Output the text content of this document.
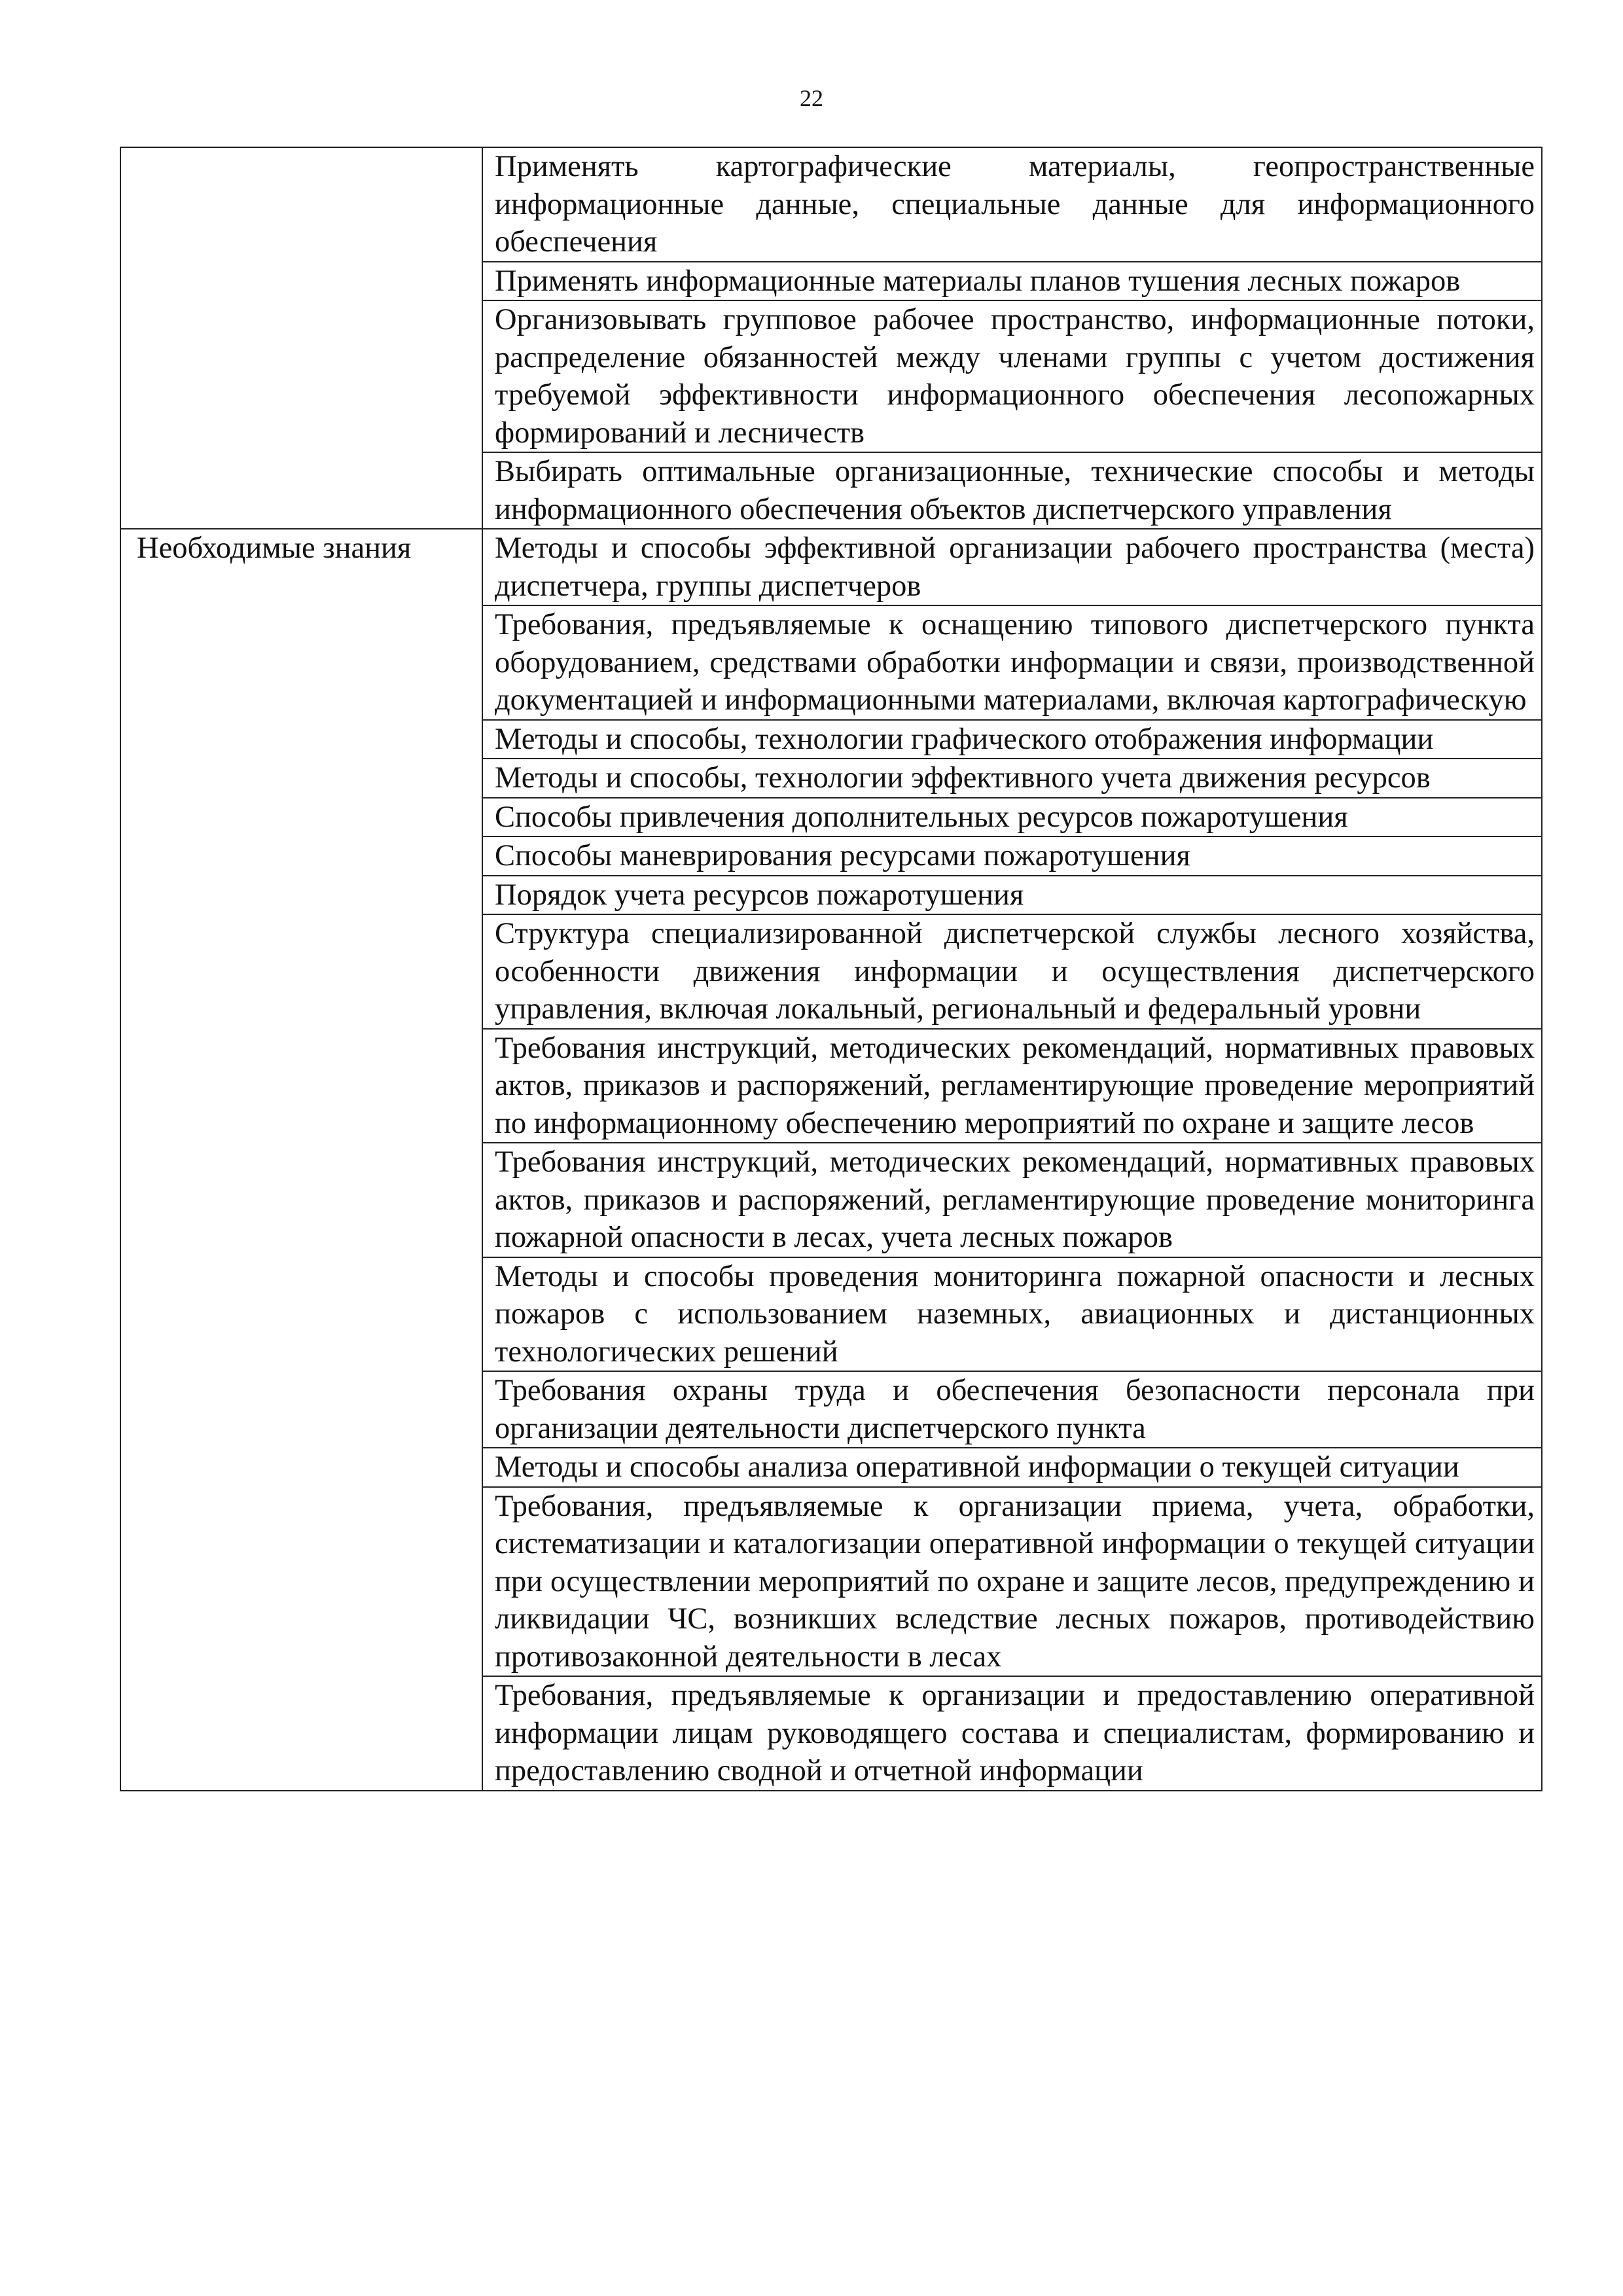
22
	Применять картографические материалы, геопространственные информационные данные, специальные данные для информационного обеспечения
	Применять информационные материалы планов тушения лесных пожаров
	Организовывать групповое рабочее пространство, информационные потоки, распределение обязанностей между членами группы с учетом достижения требуемой эффективности информационного обеспечения лесопожарных формирований и лесничеств
	Выбирать оптимальные организационные, технические способы и методы информационного обеспечения объектов диспетчерского управления
Необходимые знания	Методы и способы эффективной организации рабочего пространства (места) диспетчера, группы диспетчеров
	Требования, предъявляемые к оснащению типового диспетчерского пункта оборудованием, средствами обработки информации и связи, производственной документацией и информационными материалами, включая картографическую
	Методы и способы, технологии графического отображения информации
	Методы и способы, технологии эффективного учета движения ресурсов
	Способы привлечения дополнительных ресурсов пожаротушения
	Способы маневрирования ресурсами пожаротушения
	Порядок учета ресурсов пожаротушения
	Структура специализированной диспетчерской службы лесного хозяйства, особенности движения информации и осуществления диспетчерского управления, включая локальный, региональный и федеральный уровни
	Требования инструкций, методических рекомендаций, нормативных правовых актов, приказов и распоряжений, регламентирующие проведение мероприятий по информационному обеспечению мероприятий по охране и защите лесов
	Требования инструкций, методических рекомендаций, нормативных правовых актов, приказов и распоряжений, регламентирующие проведение мониторинга пожарной опасности в лесах, учета лесных пожаров
	Методы и способы проведения мониторинга пожарной опасности и лесных пожаров с использованием наземных, авиационных и дистанционных технологических решений
	Требования охраны труда и обеспечения безопасности персонала при организации деятельности диспетчерского пункта
	Методы и способы анализа оперативной информации о текущей ситуации
	Требования, предъявляемые к организации приема, учета, обработки, систематизации и каталогизации оперативной информации о текущей ситуации при осуществлении мероприятий по охране и защите лесов, предупреждению и ликвидации ЧС, возникших вследствие лесных пожаров, противодействию противозаконной деятельности в лесах
	Требования, предъявляемые к организации и предоставлению оперативной информации лицам руководящего состава и специалистам, формированию и предоставлению сводной и отчетной информации
